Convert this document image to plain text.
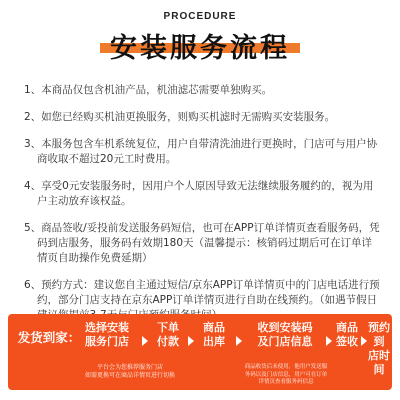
PROCEDURE
安装服务流程
1、本商品仅包含机油产品，机油滤芯需要单独购买。
2、如您已经购买机油更换服务，则购买机滤时无需购买安装服务。
3、本服务包含车机系统复位，用户自带清洗油进行更换时，门店可与用户协商收取不超过20元工时费用。
4、享受0元安装服务时，因用户个人原因导致无法继续服务履约的，视为用户主动放弃该权益。
5、商品签收/妥投前发送服务码短信，也可在APP订单详情页查看服务码，凭码到店服务，服务码有效期180天（温馨提示：核销码过期后可在订单详情页自助操作免费延期）
6、预约方式：建议您自主通过短信/京东APP订单详情页中的门店电话进行预约，部分门店支持在京东APP订单详情页进行自助在线预约。（如遇节假日
发货到家：
平台会为您推荐服务门店
如需更换可在商品详情页进行切换
选择安装
服务门店
下单
付款
商品
出库
收到安装码
及门店信息
商品
签收
预约到
店时间
商品收货后未使用，他用户发送服务码以及门店信息，用户可在订单详情页查看服务码信息
